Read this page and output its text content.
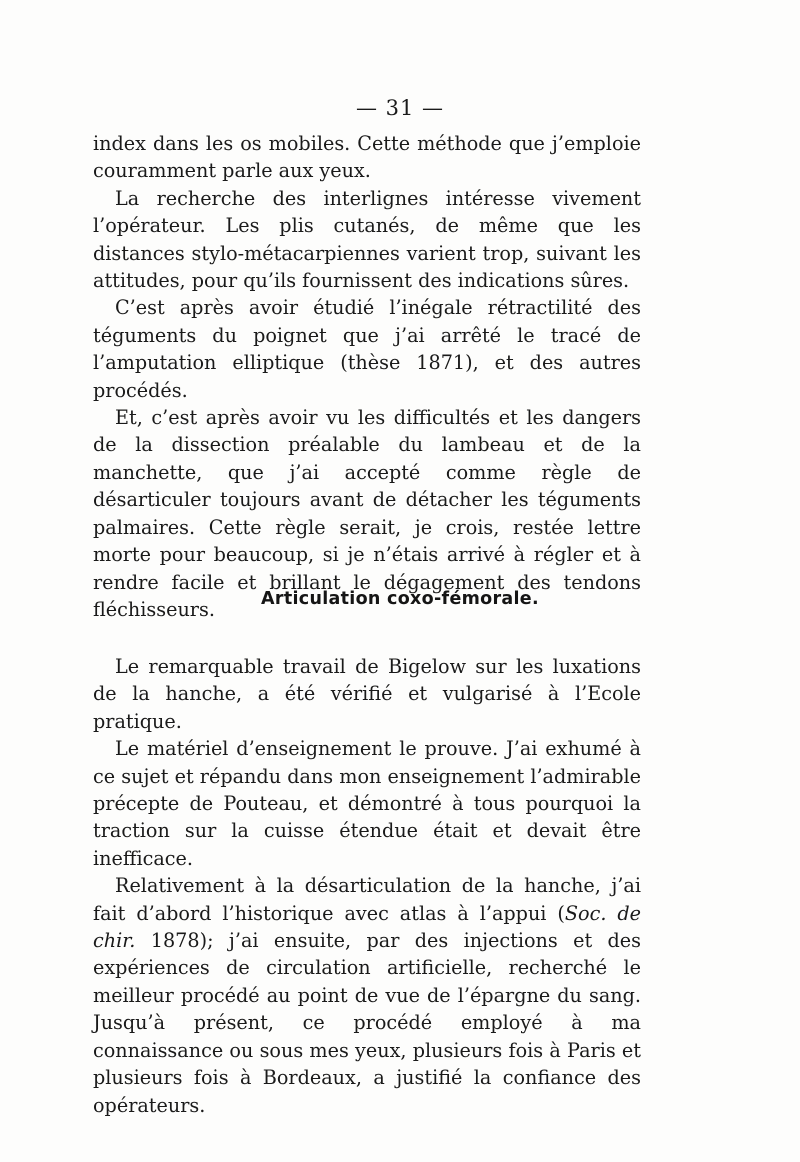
— 31 —

index dans les os mobiles. Cette méthode que j’emploie couramment parle aux yeux.

La recherche des interlignes intéresse vivement l’opérateur. Les plis cutanés, de même que les distances stylo-métacarpiennes varient trop, suivant les attitudes, pour qu’ils fournissent des indications sûres.

C’est après avoir étudié l’inégale rétractilité des téguments du poignet que j’ai arrêté le tracé de l’amputation elliptique (thèse 1871), et des autres procédés.

Et, c’est après avoir vu les difficultés et les dangers de la dissection préalable du lambeau et de la manchette, que j’ai accepté comme règle de désarticuler toujours avant de détacher les téguments palmaires. Cette règle serait, je crois, restée lettre morte pour beaucoup, si je n’étais arrivé à régler et à rendre facile et brillant le dégagement des tendons fléchisseurs.	Articulation coxo-fémorale.

Le remarquable travail de Bigelow sur les luxations de la hanche, a été vérifié et vulgarisé à l’Ecole pratique.

Le matériel d’enseignement le prouve. J’ai exhumé à ce sujet et répandu dans mon enseignement l’admirable précepte de Pouteau, et démontré à tous pourquoi la traction sur la cuisse étendue était et devait être inefficace.

Relativement à la désarticulation de la hanche, j’ai fait d’abord l’historique avec atlas à l’appui (Soc. de chir. 1878); j’ai ensuite, par des injections et des expériences de circulation artificielle, recherché le meilleur procédé au point de vue de l’épargne du sang. Jusqu’à présent, ce procédé employé à ma connaissance ou sous mes yeux, plusieurs fois à Paris et plusieurs fois à Bordeaux, a justifié la confiance des opérateurs.
